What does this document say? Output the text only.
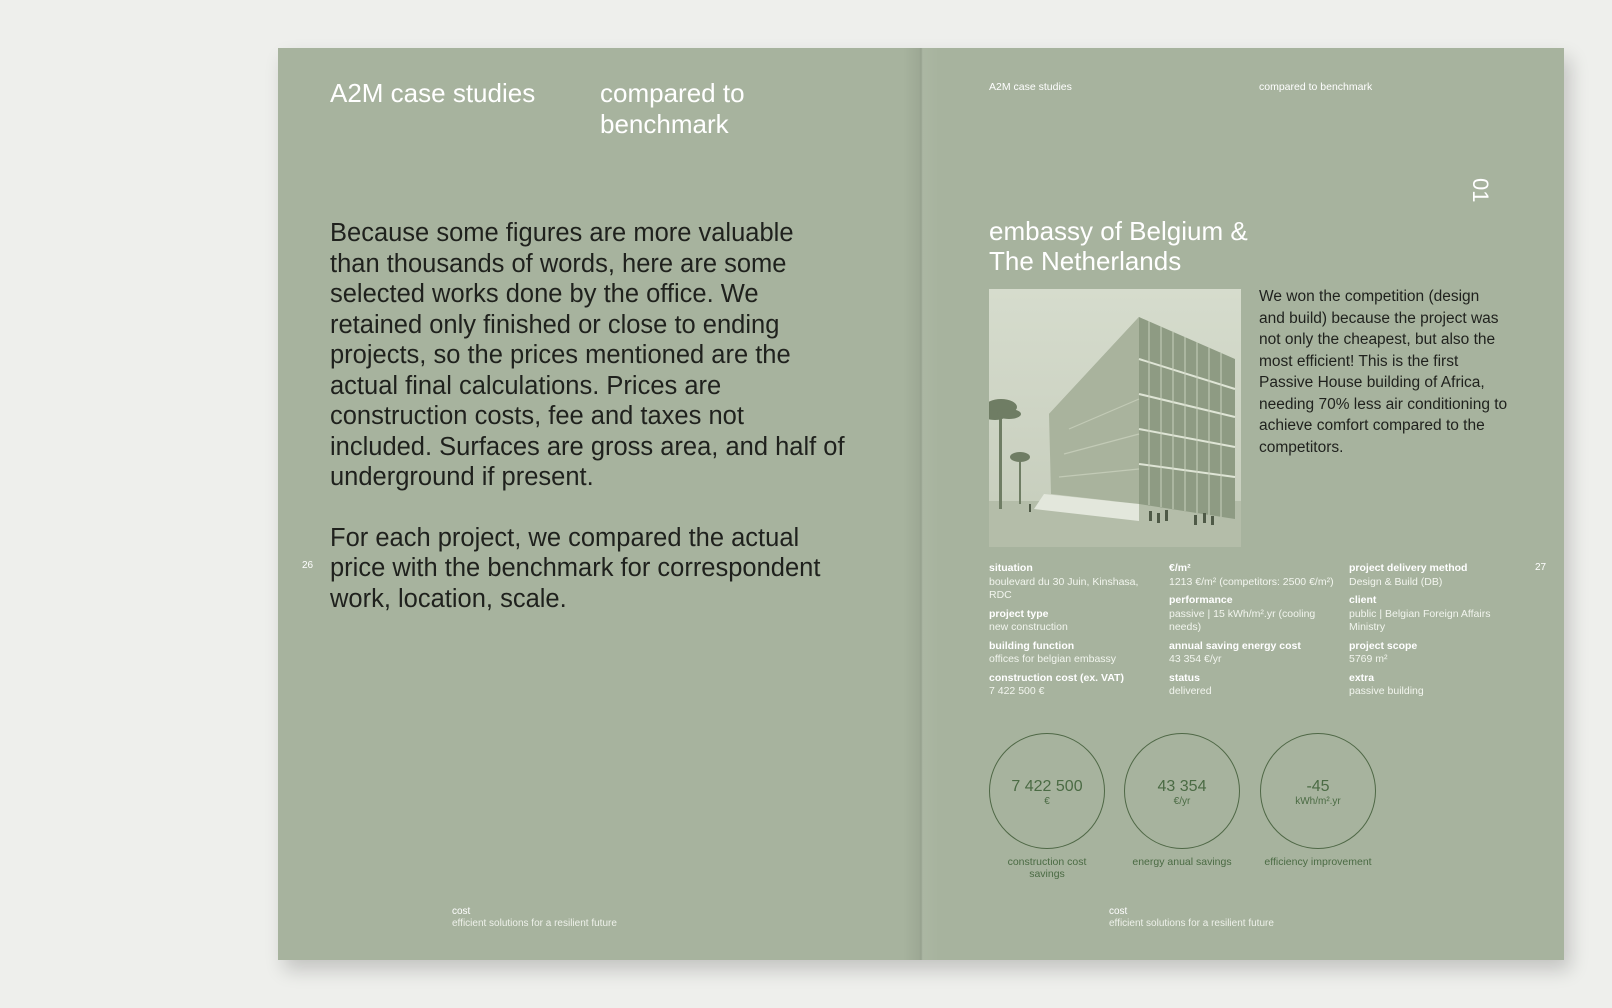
A2M case studies compared to benchmark

Because some figures are more valuable than thousands of words, here are some selected works done by the office. We retained only finished or close to ending projects, so the prices mentioned are the actual final calculations. Prices are construction costs, fee and taxes not included. Surfaces are gross area, and half of underground if present.

For each project, we compared the actual price with the benchmark for correspondent work, location, scale.

26
cost
efficient solutions for a resilient future
A2M case studies	compared to benchmark
01
embassy of Belgium & The Netherlands
We won the competition (design and build) because the project was not only the cheapest, but also the most efficient! This is the first Passive House building of Africa, needing 70% less air conditioning to achieve comfort compared to the competitors.
situation
boulevard du 30 Juin, Kinshasa, RDC
project type
new construction
building function
offices for belgian embassy
construction cost (ex. VAT)
7 422 500 €
€/m²
1213 €/m² (competitors: 2500 €/m²)
performance
passive | 15 kWh/m².yr (cooling needs)
annual saving energy cost
43 354 €/yr
status
delivered
project delivery method
Design & Build (DB)
client
public | Belgian Foreign Affairs Ministry
project scope
5769 m²
extra
passive building
27
7 422 500
€
construction cost savings
43 354
€/yr
energy anual savings
-45
kWh/m².yr
efficiency improvement
cost
efficient solutions for a resilient future
